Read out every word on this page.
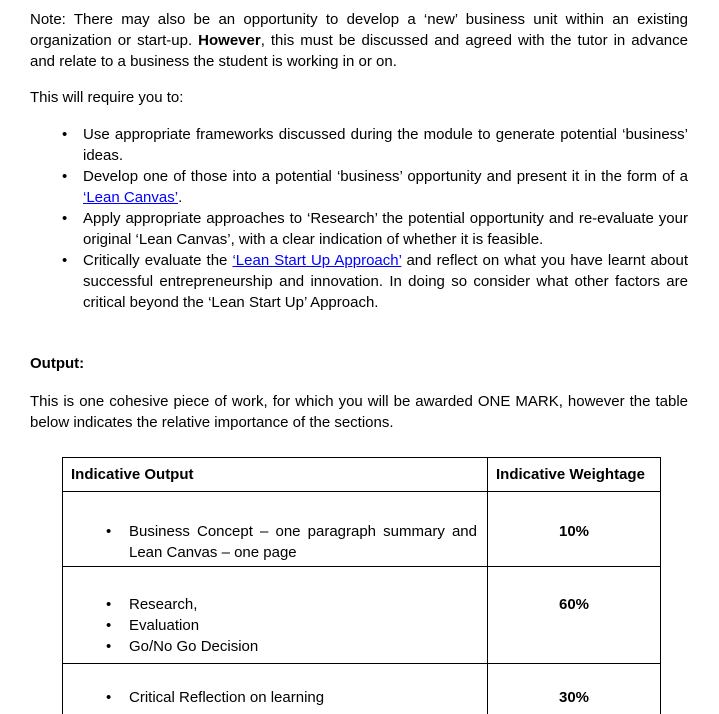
Note: There may also be an opportunity to develop a ‘new’ business unit within an existing organization or start-up. However, this must be discussed and agreed with the tutor in advance and relate to a business the student is working in or on.

This will require you to:

• Use appropriate frameworks discussed during the module to generate potential ‘business’ ideas.
• Develop one of those into a potential ‘business’ opportunity and present it in the form of a ‘Lean Canvas’.
• Apply appropriate approaches to ‘Research’ the potential opportunity and re-evaluate your original ‘Lean Canvas’, with a clear indication of whether it is feasible.
• Critically evaluate the ‘Lean Start Up Approach’ and reflect on what you have learnt about successful entrepreneurship and innovation. In doing so consider what other factors are critical beyond the ‘Lean Start Up’ Approach.

Output:

This is one cohesive piece of work, for which you will be awarded ONE MARK, however the table below indicates the relative importance of the sections.

Indicative Output	Indicative Weightage

• Business Concept – one paragraph summary and Lean Canvas – one page
	10%

• Research,
• Evaluation
• Go/No Go Decision
	60%

• Critical Reflection on learning	30%
